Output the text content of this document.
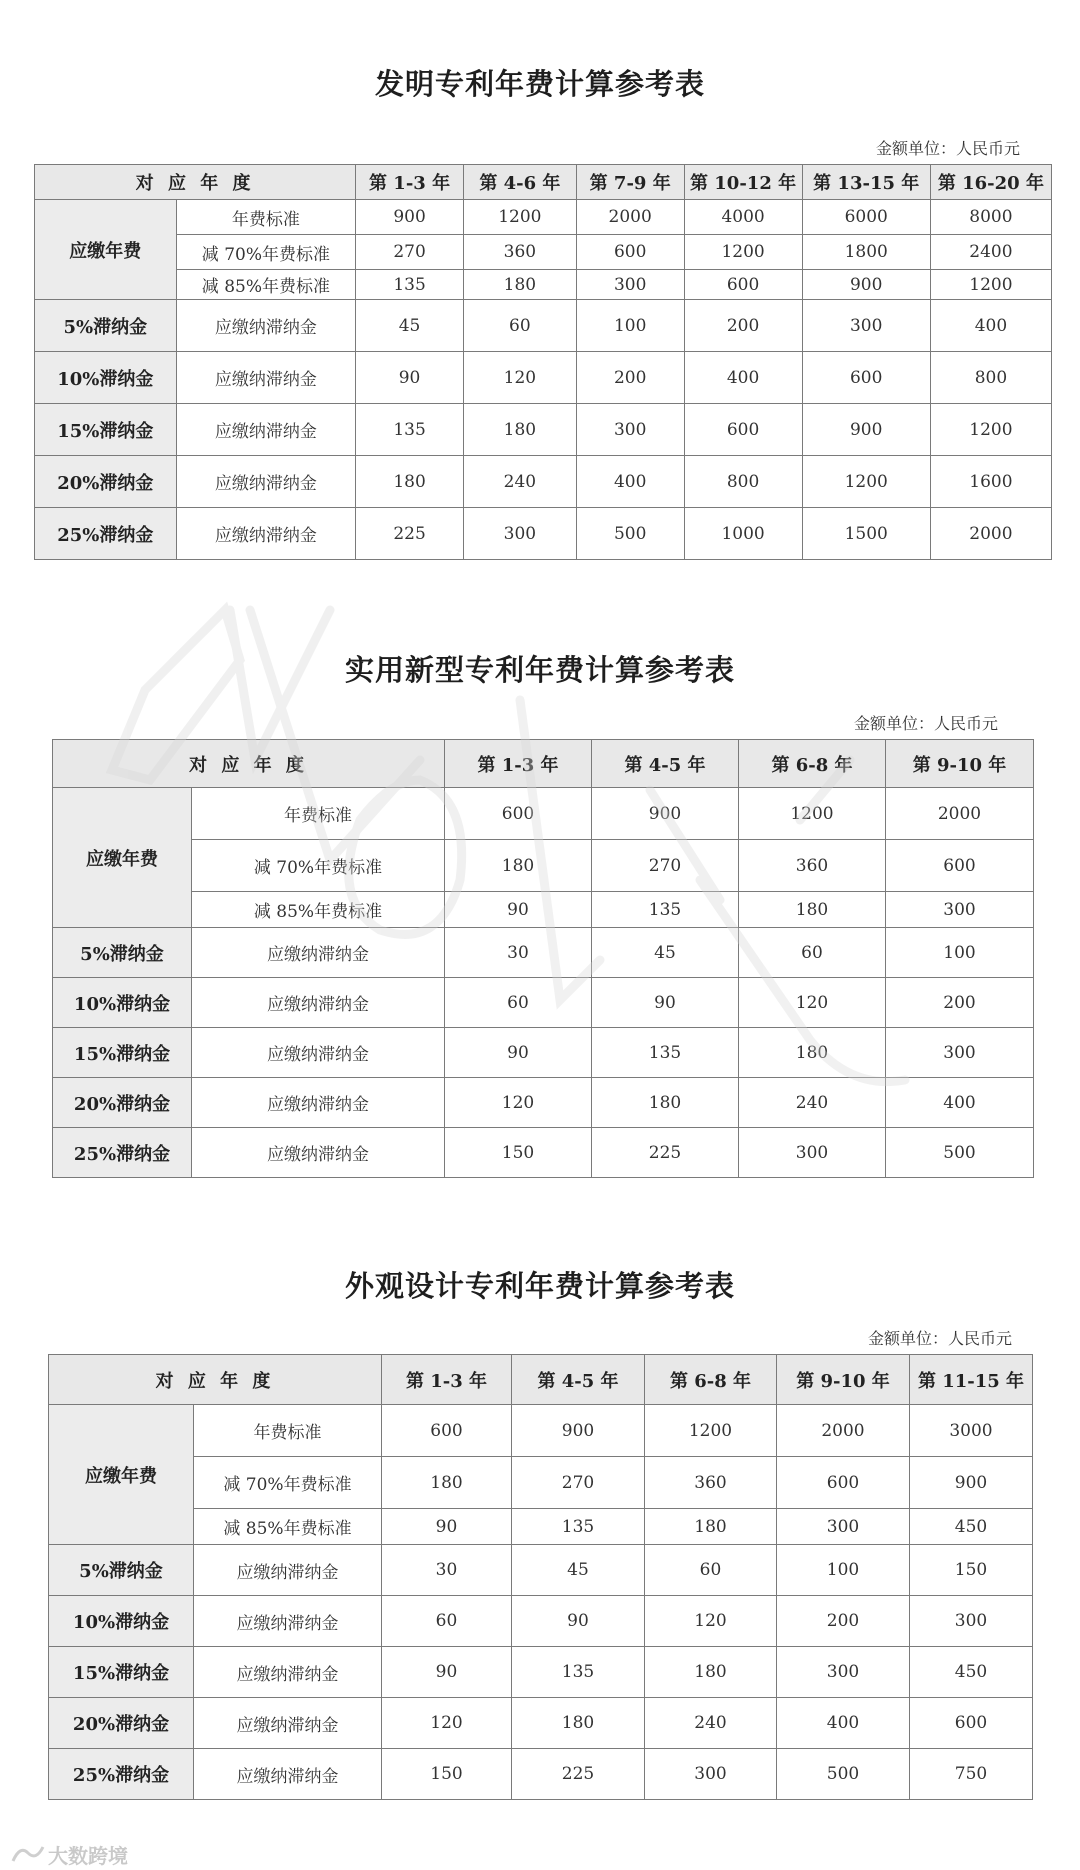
发明专利年费计算参考表
金额单位：人民币元
对 应 年 度		第 1-3 年	第 4-6 年	第 7-9 年	第 10-12 年	第 13-15 年	第 16-20 年
应缴年费	年费标准	900	1200	2000	4000	6000	8000
	减 70%年费标准	270	360	600	1200	1800	2400
	减 85%年费标准	135	180	300	600	900	1200
5%滞纳金	应缴纳滞纳金	45	60	100	200	300	400
10%滞纳金	应缴纳滞纳金	90	120	200	400	600	800
15%滞纳金	应缴纳滞纳金	135	180	300	600	900	1200
20%滞纳金	应缴纳滞纳金	180	240	400	800	1200	1600
25%滞纳金	应缴纳滞纳金	225	300	500	1000	1500	2000
实用新型专利年费计算参考表
金额单位：人民币元
对 应 年 度		第 1-3 年	第 4-5 年	第 6-8 年	第 9-10 年
应缴年费	年费标准	600	900	1200	2000
	减 70%年费标准	180	270	360	600
	减 85%年费标准	90	135	180	300
5%滞纳金	应缴纳滞纳金	30	45	60	100
10%滞纳金	应缴纳滞纳金	60	90	120	200
15%滞纳金	应缴纳滞纳金	90	135	180	300
20%滞纳金	应缴纳滞纳金	120	180	240	400
25%滞纳金	应缴纳滞纳金	150	225	300	500
外观设计专利年费计算参考表
金额单位：人民币元
对 应 年 度		第 1-3 年	第 4-5 年	第 6-8 年	第 9-10 年	第 11-15 年
应缴年费	年费标准	600	900	1200	2000	3000
	减 70%年费标准	180	270	360	600	900
	减 85%年费标准	90	135	180	300	450
5%滞纳金	应缴纳滞纳金	30	45	60	100	150
10%滞纳金	应缴纳滞纳金	60	90	120	200	300
15%滞纳金	应缴纳滞纳金	90	135	180	300	450
20%滞纳金	应缴纳滞纳金	120	180	240	400	600
25%滞纳金	应缴纳滞纳金	150	225	300	500	750
大数跨境
